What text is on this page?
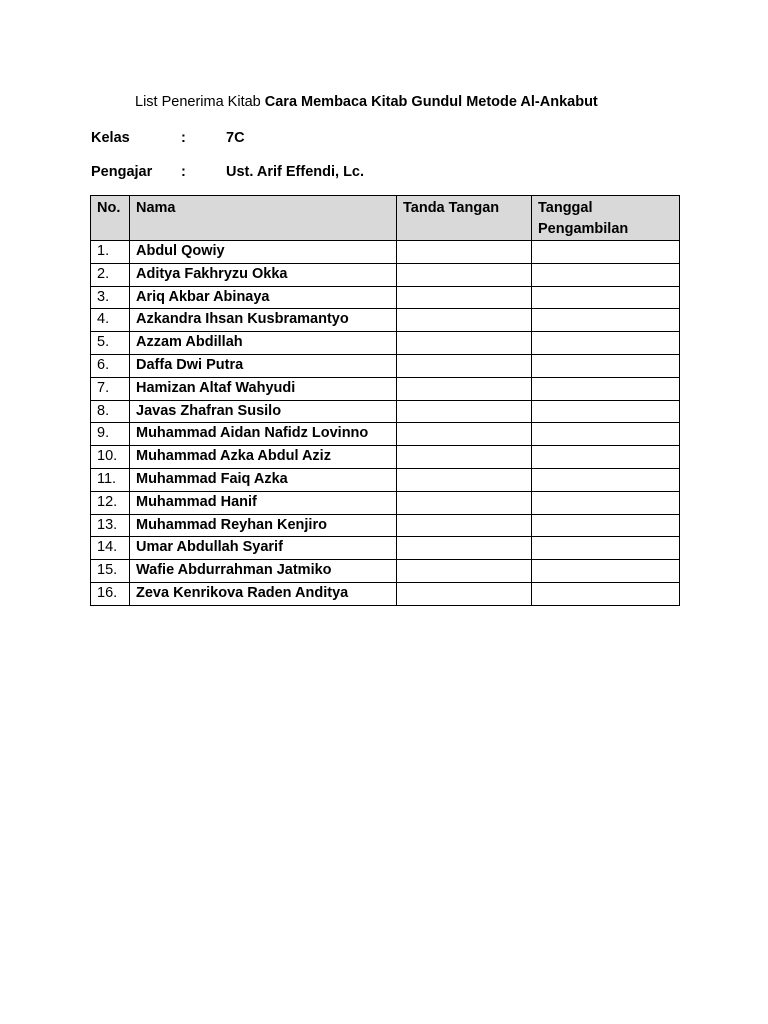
List Penerima Kitab Cara Membaca Kitab Gundul Metode Al-Ankabut
Kelas	:	7C
Pengajar :	Ust. Arif Effendi, Lc.
No.	Nama	Tanda Tangan	Tanggal Pengambilan
1.	Abdul Qowiy		
2.	Aditya Fakhryzu Okka		
3.	Ariq Akbar Abinaya		
4.	Azkandra Ihsan Kusbramantyo		
5.	Azzam Abdillah		
6.	Daffa Dwi Putra		
7.	Hamizan Altaf Wahyudi		
8.	Javas Zhafran Susilo		
9.	Muhammad Aidan Nafidz Lovinno		
10.	Muhammad Azka Abdul Aziz		
11.	Muhammad Faiq Azka		
12.	Muhammad Hanif		
13.	Muhammad Reyhan Kenjiro		
14.	Umar Abdullah Syarif		
15.	Wafie Abdurrahman Jatmiko		
16.	Zeva Kenrikova Raden Anditya		
